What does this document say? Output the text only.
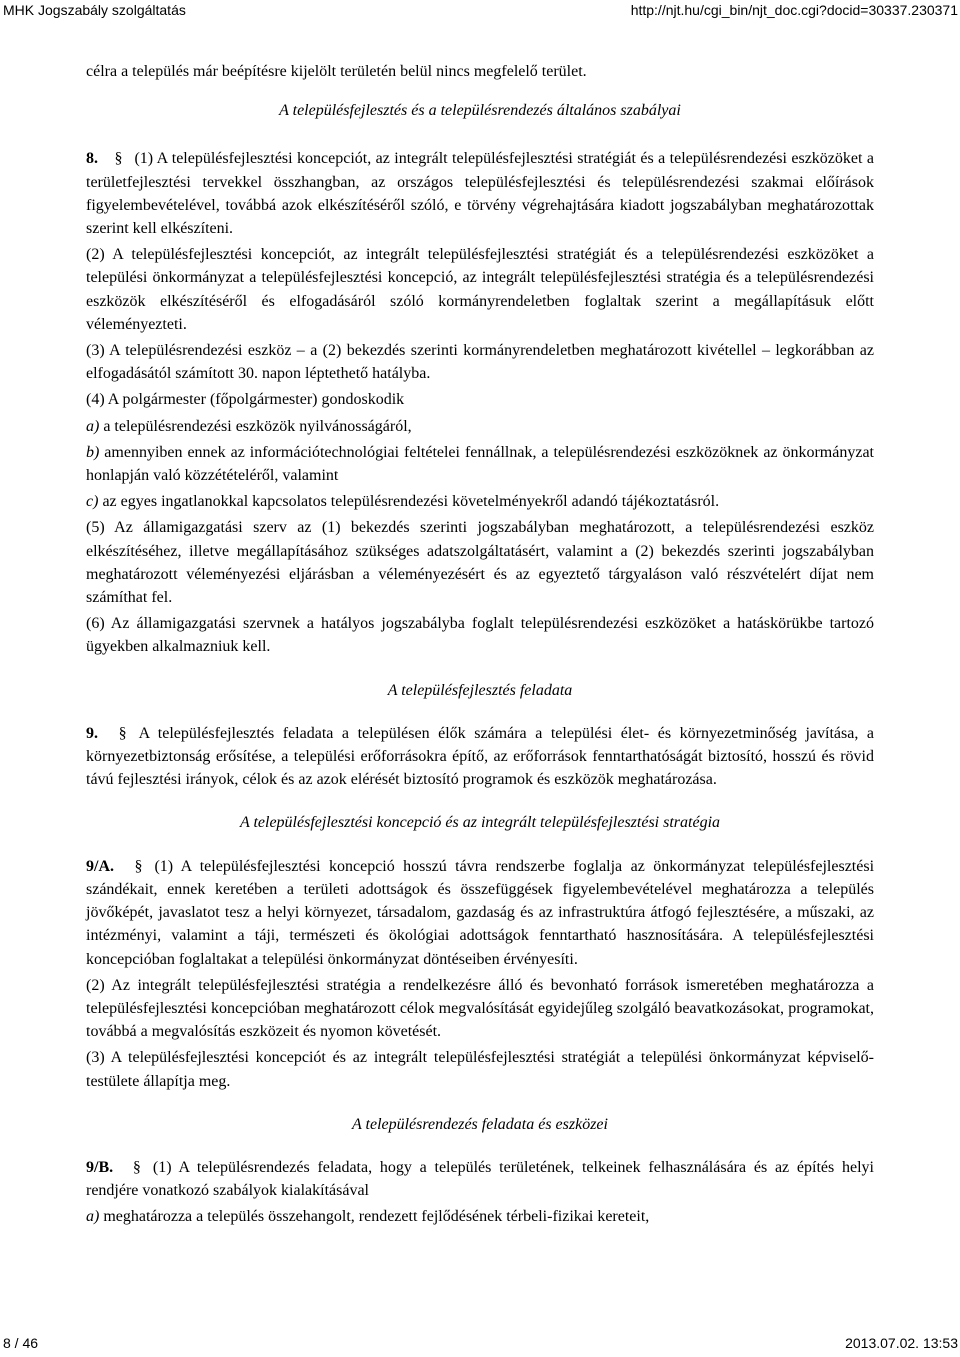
MHK Jogszabály szolgáltatás	http://njt.hu/cgi_bin/njt_doc.cgi?docid=30337.230371

célra a település már beépítésre kijelölt területén belül nincs megfelelő terület.

A településfejlesztés és a településrendezés általános szabályai

8. § (1) A településfejlesztési koncepciót, az integrált településfejlesztési stratégiát és a településrendezési eszközöket a területfejlesztési tervekkel összhangban, az országos településfejlesztési és településrendezési szakmai előírások figyelembevételével, továbbá azok elkészítéséről szóló, e törvény végrehajtására kiadott jogszabályban meghatározottak szerint kell elkészíteni.

(2) A településfejlesztési koncepciót, az integrált településfejlesztési stratégiát és a településrendezési eszközöket a települési önkormányzat a településfejlesztési koncepció, az integrált településfejlesztési stratégia és a településrendezési eszközök elkészítéséről és elfogadásáról szóló kormányrendeletben foglaltak szerint a megállapításuk előtt véleményezteti.

(3) A településrendezési eszköz – a (2) bekezdés szerinti kormányrendeletben meghatározott kivétellel – legkorábban az elfogadásától számított 30. napon léptethető hatályba.

(4) A polgármester (főpolgármester) gondoskodik

a) a településrendezési eszközök nyilvánosságáról,

b) amennyiben ennek az információtechnológiai feltételei fennállnak, a településrendezési eszközöknek az önkormányzat honlapján való közzétételéről, valamint

c) az egyes ingatlanokkal kapcsolatos településrendezési követelményekről adandó tájékoztatásról.

(5) Az államigazgatási szerv az (1) bekezdés szerinti jogszabályban meghatározott, a településrendezési eszköz elkészítéséhez, illetve megállapításához szükséges adatszolgáltatásért, valamint a (2) bekezdés szerinti jogszabályban meghatározott véleményezési eljárásban a véleményezésért és az egyeztető tárgyaláson való részvételért díjat nem számíthat fel.

(6) Az államigazgatási szervnek a hatályos jogszabályba foglalt településrendezési eszközöket a hatáskörükbe tartozó ügyekben alkalmazniuk kell.

A településfejlesztés feladata

9. § A településfejlesztés feladata a településen élők számára a települési élet- és környezetminőség javítása, a környezetbiztonság erősítése, a települési erőforrásokra építő, az erőforrások fenntarthatóságát biztosító, hosszú és rövid távú fejlesztési irányok, célok és az azok elérését biztosító programok és eszközök meghatározása.

A településfejlesztési koncepció és az integrált településfejlesztési stratégia

9/A. § (1) A településfejlesztési koncepció hosszú távra rendszerbe foglalja az önkormányzat településfejlesztési szándékait, ennek keretében a területi adottságok és összefüggések figyelembevételével meghatározza a település jövőképét, javaslatot tesz a helyi környezet, társadalom, gazdaság és az infrastruktúra átfogó fejlesztésére, a műszaki, az intézményi, valamint a táji, természeti és ökológiai adottságok fenntartható hasznosítására. A településfejlesztési koncepcióban foglaltakat a települési önkormányzat döntéseiben érvényesíti.

(2) Az integrált településfejlesztési stratégia a rendelkezésre álló és bevonható források ismeretében meghatározza a településfejlesztési koncepcióban meghatározott célok megvalósítását egyidejűleg szolgáló beavatkozásokat, programokat, továbbá a megvalósítás eszközeit és nyomon követését.

(3) A településfejlesztési koncepciót és az integrált településfejlesztési stratégiát a települési önkormányzat képviselő-testülete állapítja meg.

A településrendezés feladata és eszközei

9/B. § (1) A településrendezés feladata, hogy a település területének, telkeinek felhasználására és az építés helyi rendjére vonatkozó szabályok kialakításával

a) meghatározza a település összehangolt, rendezett fejlődésének térbeli-fizikai kereteit,

8 / 46	2013.07.02. 13:53
